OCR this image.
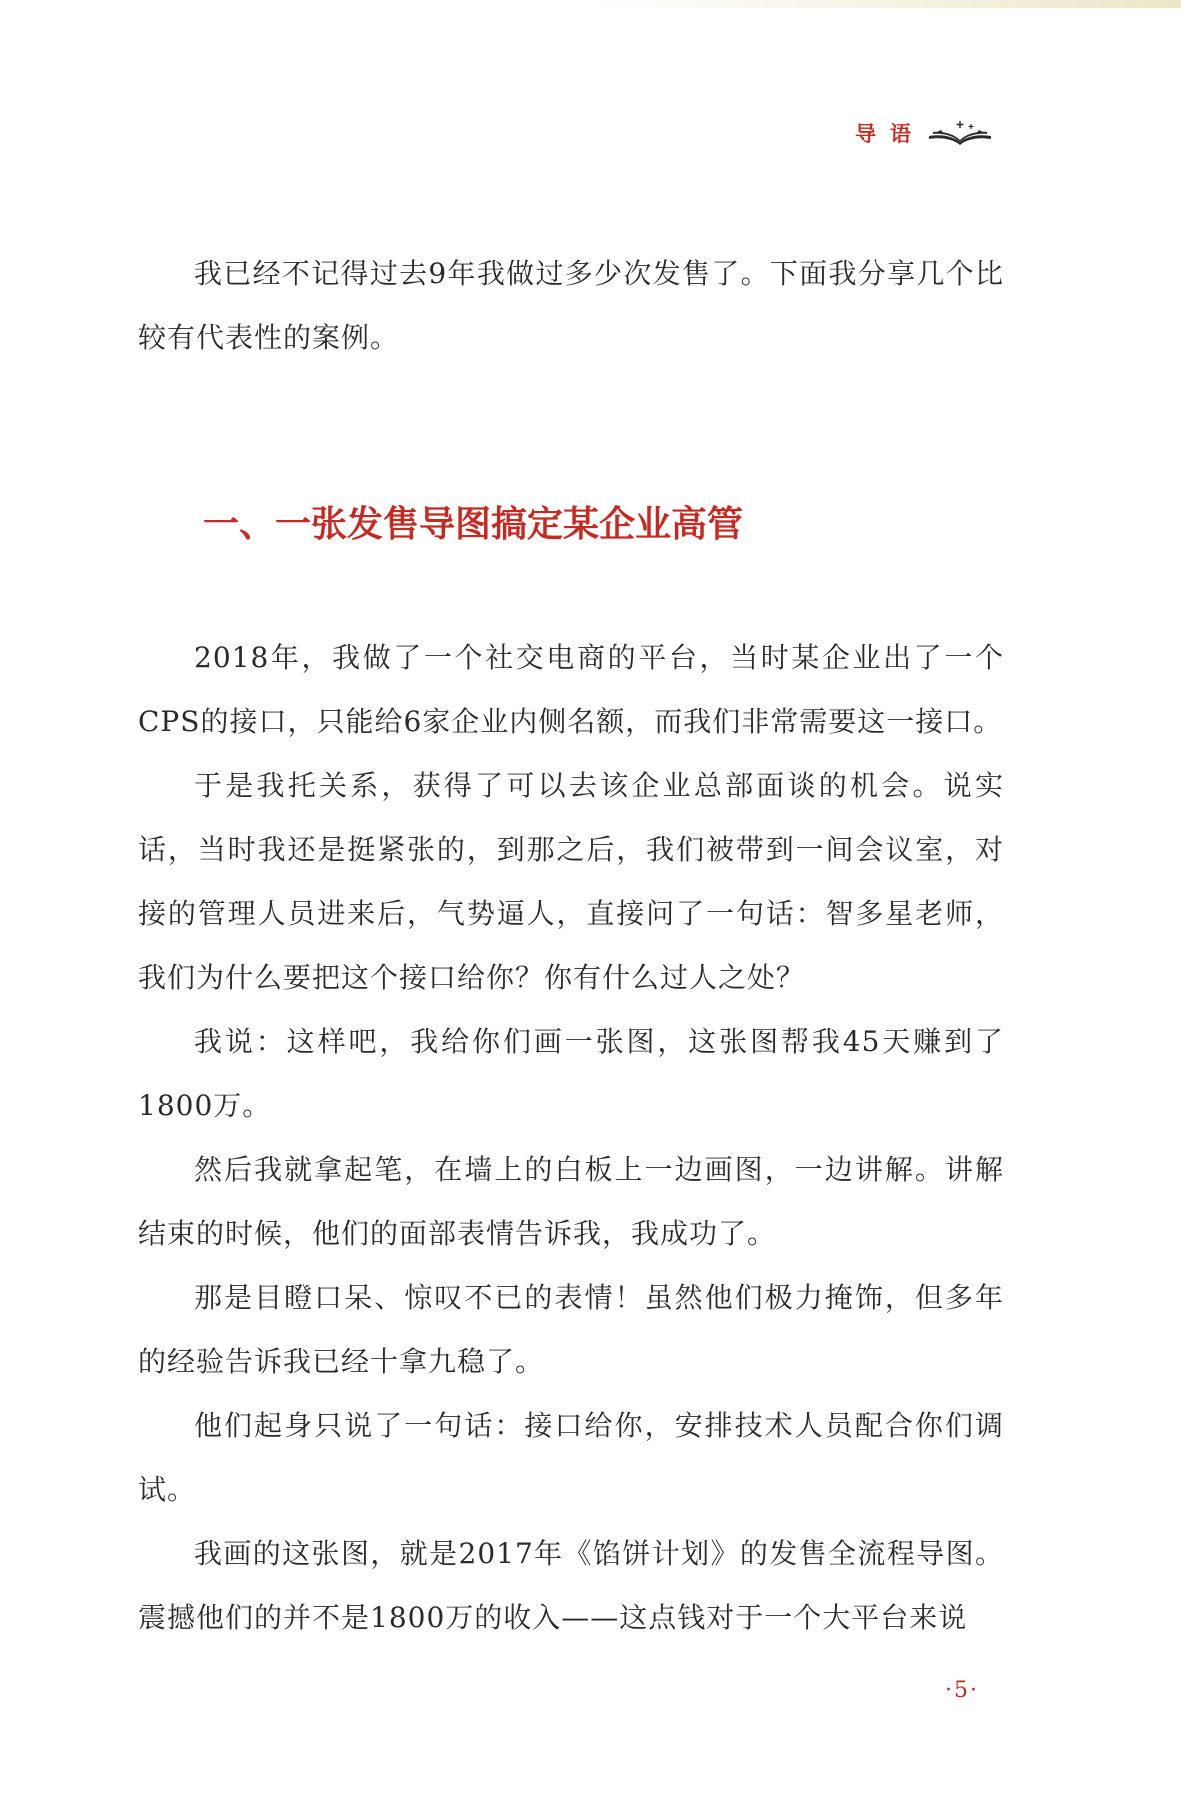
导语

我已经不记得过去9年我做过多少次发售了。下面我分享几个比较有代表性的案例。

一、一张发售导图搞定某企业高管

2018年，我做了一个社交电商的平台，当时某企业出了一个CPS的接口，只能给6家企业内侧名额，而我们非常需要这一接口。

于是我托关系，获得了可以去该企业总部面谈的机会。说实话，当时我还是挺紧张的，到那之后，我们被带到一间会议室，对接的管理人员进来后，气势逼人，直接问了一句话：智多星老师，我们为什么要把这个接口给你？你有什么过人之处？

我说：这样吧，我给你们画一张图，这张图帮我45天赚到了1800万。

然后我就拿起笔，在墙上的白板上一边画图，一边讲解。讲解结束的时候，他们的面部表情告诉我，我成功了。

那是目瞪口呆、惊叹不已的表情！虽然他们极力掩饰，但多年的经验告诉我已经十拿九稳了。

他们起身只说了一句话：接口给你，安排技术人员配合你们调试。

我画的这张图，就是2017年《馅饼计划》的发售全流程导图。震撼他们的并不是1800万的收入——这点钱对于一个大平台来说

·5·
